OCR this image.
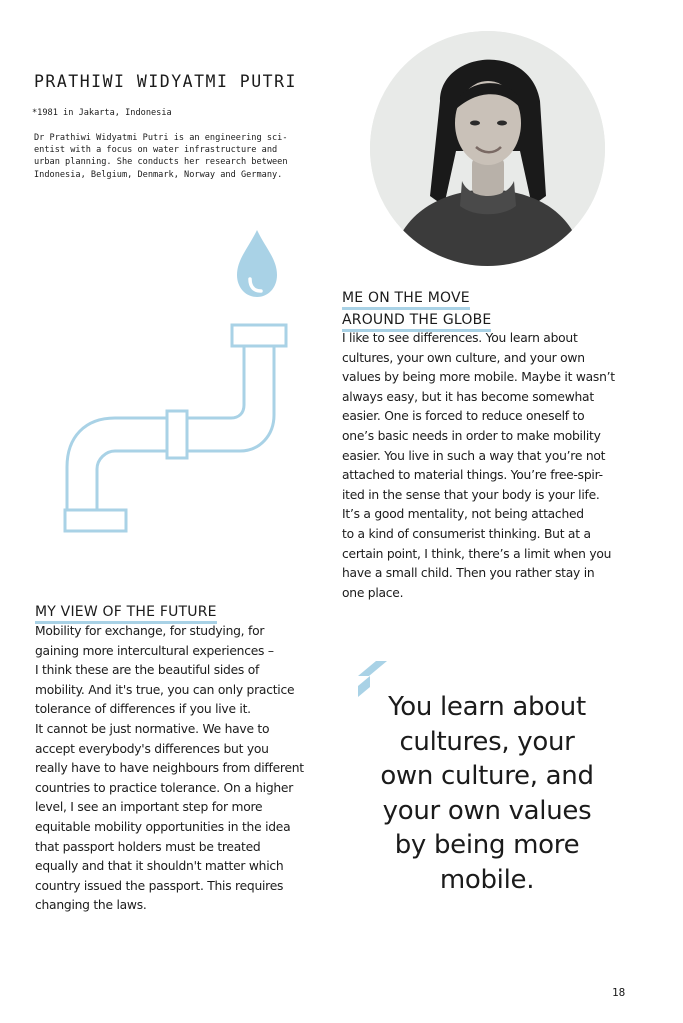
PRATHIWI WIDYATMI PUTRI
*1981 in Jakarta, Indonesia
Dr Prathiwi Widyatmi Putri is an engineering sci-
entist with a focus on water infrastructure and
urban planning. She conducts her research between
Indonesia, Belgium, Denmark, Norway and Germany.
ME ON THE MOVE
AROUND THE GLOBE
I like to see differences. You learn about
cultures, your own culture, and your own
values by being more mobile. Maybe it wasn’t
always easy, but it has become somewhat
easier. One is forced to reduce oneself to
one’s basic needs in order to make mobility
easier. You live in such a way that you’re not
attached to material things. You’re free-spir-
ited in the sense that your body is your life.
It’s a good mentality, not being attached
to a kind of consumerist thinking. But at a
certain point, I think, there’s a limit when you
have a small child. Then you rather stay in
one place.
MY VIEW OF THE FUTURE
Mobility for exchange, for studying, for
gaining more intercultural experiences –
I think these are the beautiful sides of
mobility. And it's true, you can only practice
tolerance of differences if you live it.
It cannot be just normative. We have to
accept everybody's differences but you
really have to have neighbours from different
countries to practice tolerance. On a higher
level, I see an important step for more
equitable mobility opportunities in the idea
that passport holders must be treated
equally and that it shouldn't matter which
country issued the passport. This requires
changing the laws.
You learn about
cultures, your
own culture, and
your own values
by being more
mobile.
18
